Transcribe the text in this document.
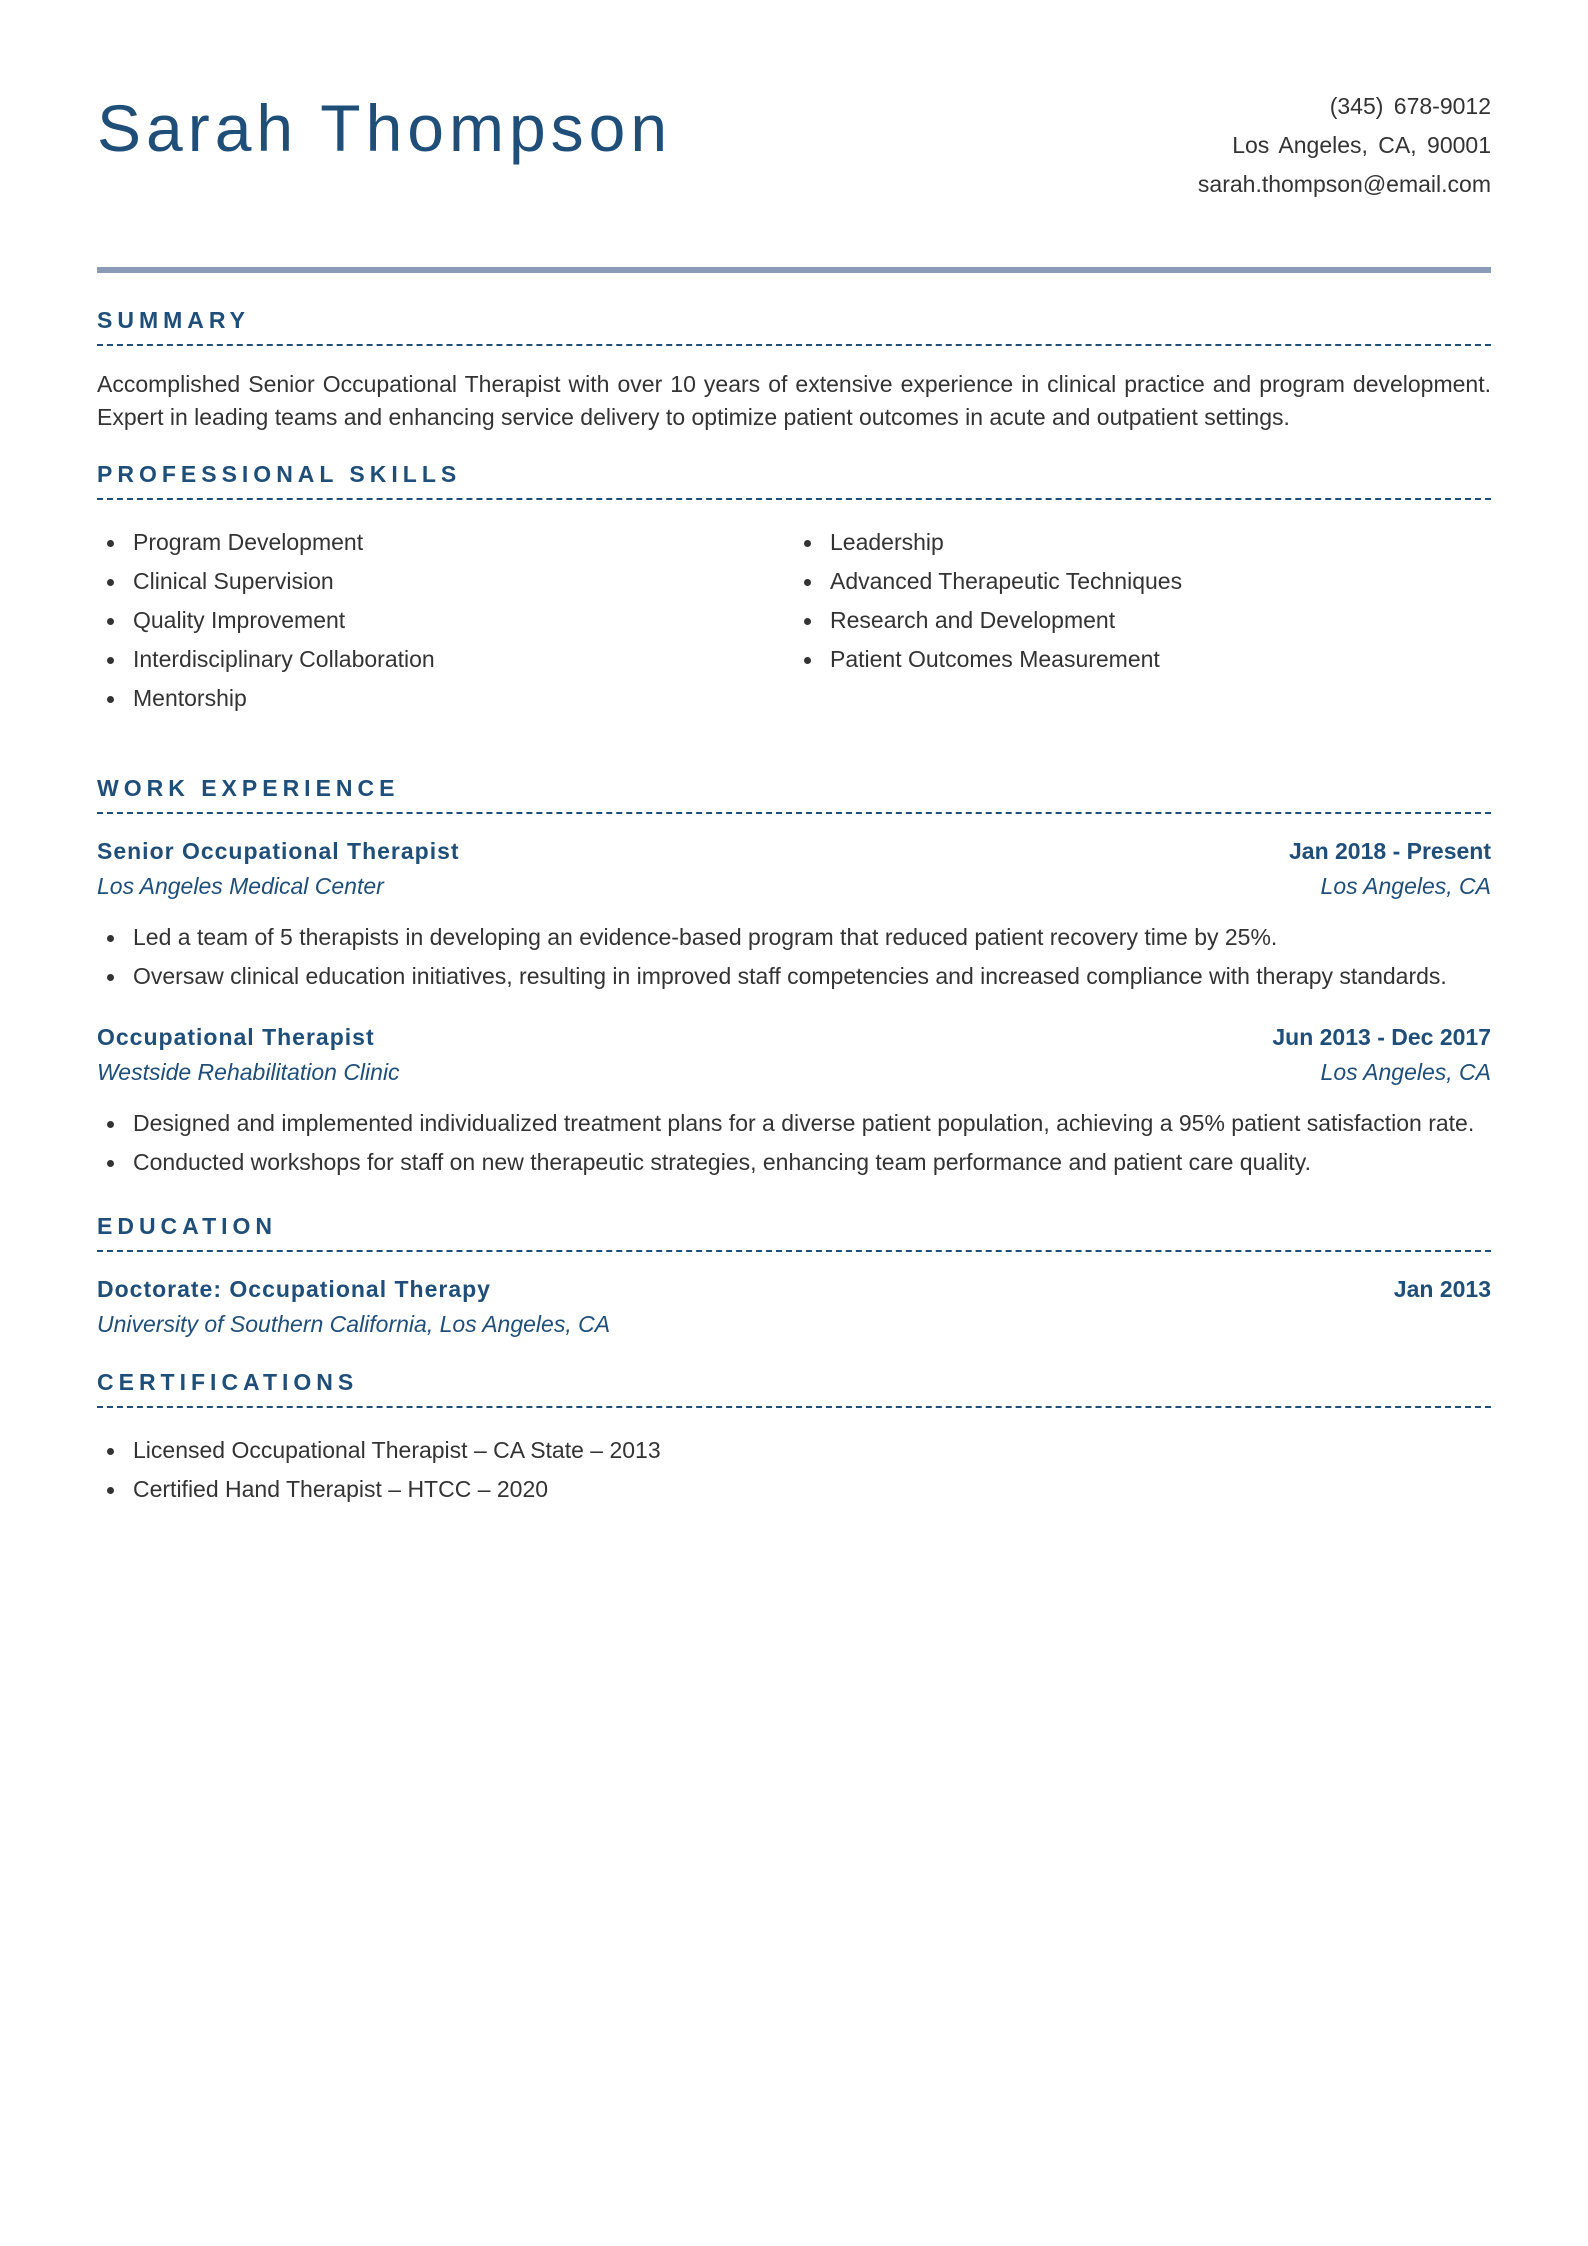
Sarah Thompson	(345) 678-9012
Los Angeles, CA, 90001
sarah.thompson@email.com
SUMMARY

Accomplished Senior Occupational Therapist with over 10 years of extensive experience in clinical practice and program development. Expert in leading teams and enhancing service delivery to optimize patient outcomes in acute and outpatient settings.

PROFESSIONAL SKILLS
Program Development
Clinical Supervision
Quality Improvement
Interdisciplinary Collaboration
Mentorship
Leadership
Advanced Therapeutic Techniques
Research and Development
Patient Outcomes Measurement
WORK EXPERIENCE
Senior Occupational Therapist	Jan 2018 - Present
Los Angeles Medical Center	Los Angeles, CA
Led a team of 5 therapists in developing an evidence-based program that reduced patient recovery time by 25%.
Oversaw clinical education initiatives, resulting in improved staff competencies and increased compliance with therapy standards.
Occupational Therapist	Jun 2013 - Dec 2017
Westside Rehabilitation Clinic	Los Angeles, CA
Designed and implemented individualized treatment plans for a diverse patient population, achieving a 95% patient satisfaction rate.
Conducted workshops for staff on new therapeutic strategies, enhancing team performance and patient care quality.
EDUCATION
Doctorate: Occupational Therapy	Jan 2013
University of Southern California, Los Angeles, CA
CERTIFICATIONS
Licensed Occupational Therapist – CA State – 2013
Certified Hand Therapist – HTCC – 2020
